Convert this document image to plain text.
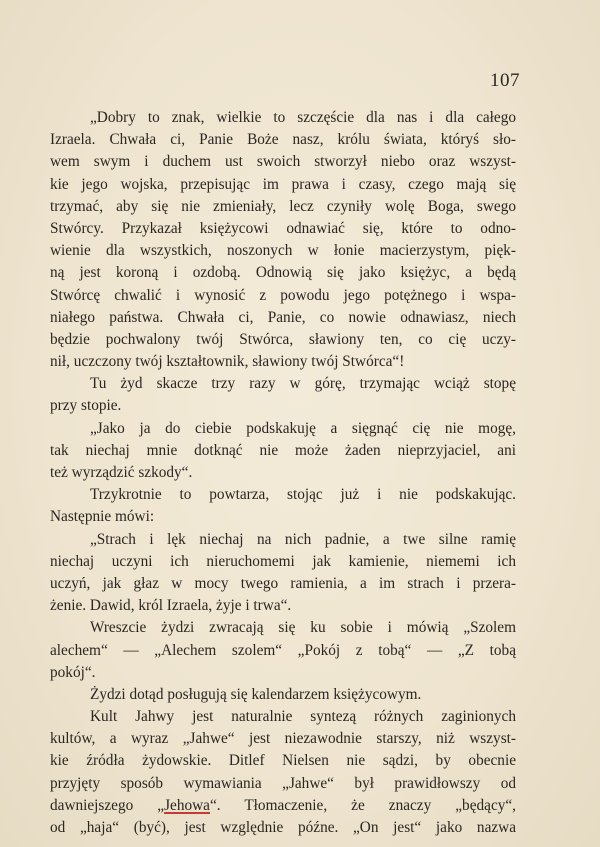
107
„Dobry to znak, wielkie to szczęście dla nas i dla całego
Izraela. Chwała ci, Panie Boże nasz, królu świata, któryś sło-
wem swym i duchem ust swoich stworzył niebo oraz wszyst-
kie jego wojska, przepisując im prawa i czasy, czego mają się
trzymać, aby się nie zmieniały, lecz czyniły wolę Boga, swego
Stwórcy. Przykazał księżycowi odnawiać się, które to odno-
wienie dla wszystkich, noszonych w łonie macierzystym, pięk-
ną jest koroną i ozdobą. Odnowią się jako księżyc, a będą
Stwórcę chwalić i wynosić z powodu jego potężnego i wspa-
niałego państwa. Chwała ci, Panie, co nowie odnawiasz, niech
będzie pochwalony twój Stwórca, sławiony ten, co cię uczy-
nił, uczczony twój kształtownik, sławiony twój Stwórca“!
Tu żyd skacze trzy razy w górę, trzymając wciąż stopę
przy stopie.
„Jako ja do ciebie podskakuję a sięgnąć cię nie mogę,
tak niechaj mnie dotknąć nie może żaden nieprzyjaciel, ani
też wyrządzić szkody“.
Trzykrotnie to powtarza, stojąc już i nie podskakując.
Następnie mówi:
„Strach i lęk niechaj na nich padnie, a twe silne ramię
niechaj uczyni ich nieruchomemi jak kamienie, niememi ich
uczyń, jak głaz w mocy twego ramienia, a im strach i przera-
żenie. Dawid, król Izraela, żyje i trwa“.
Wreszcie żydzi zwracają się ku sobie i mówią „Szolem
alechem“ — „Alechem szolem“ „Pokój z tobą“ — „Z tobą
pokój“.
Żydzi dotąd posługują się kalendarzem księżycowym.
Kult Jahwy jest naturalnie syntezą różnych zaginionych
kultów, a wyraz „Jahwe“ jest niezawodnie starszy, niż wszyst-
kie źródła żydowskie. Ditlef Nielsen nie sądzi, by obecnie
przyjęty sposób wymawiania „Jahwe“ był prawidłowszy od
dawniejszego „Jehowa“. Tłomaczenie, że znaczy „będący“,
od „haja“ (być), jest względnie późne. „On jest“ jako nazwa
